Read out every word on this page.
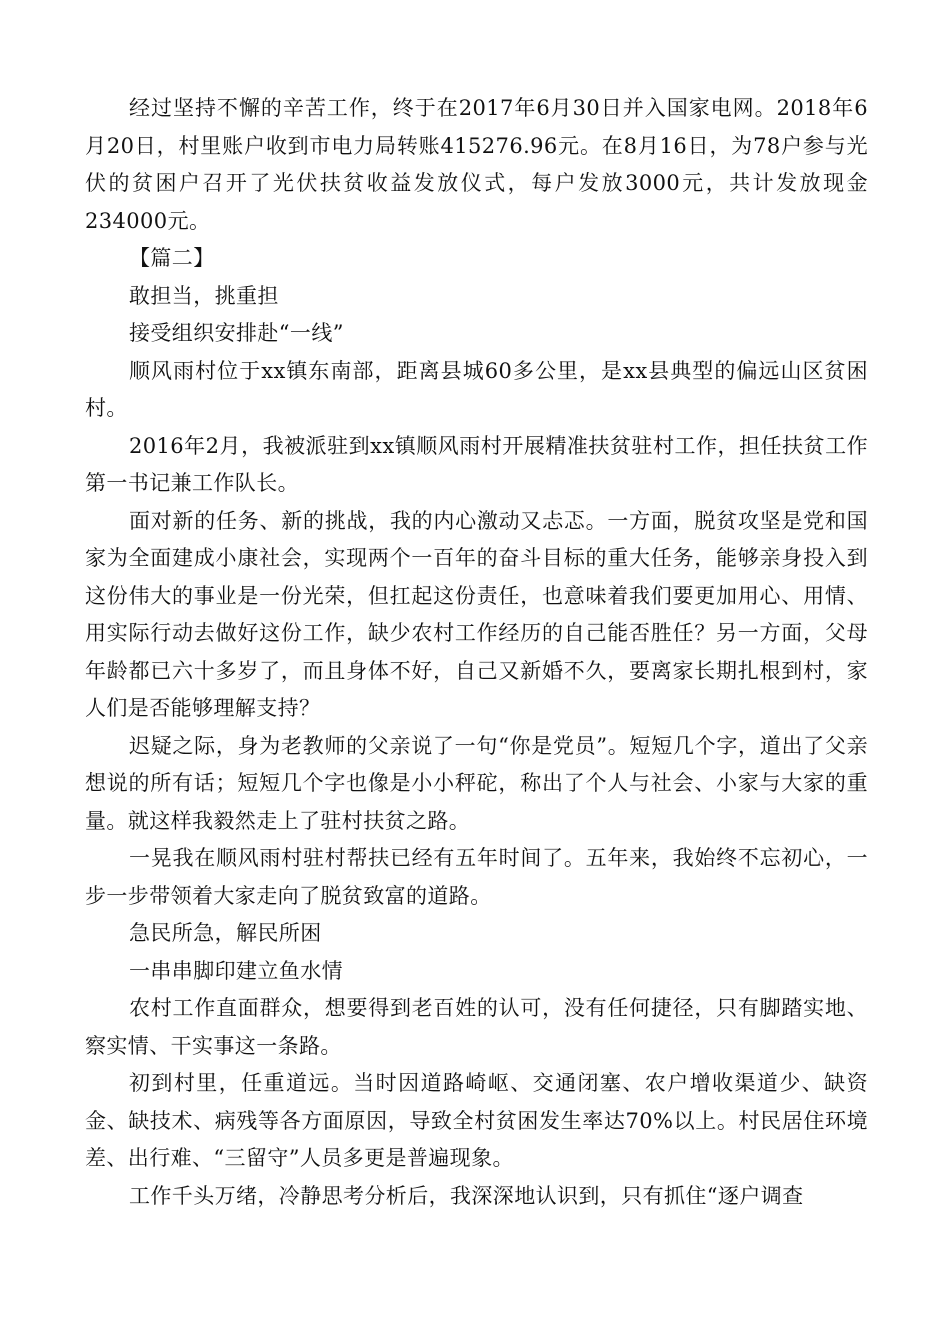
经过坚持不懈的辛苦工作，终于在2017年6月30日并入国家电网。2018年6月20日，村里账户收到市电力局转账415276.96元。在8月16日，为78户参与光伏的贫困户召开了光伏扶贫收益发放仪式，每户发放3000元，共计发放现金234000元。

【篇二】

敢担当，挑重担

接受组织安排赴“一线”

顺风雨村位于xx镇东南部，距离县城60多公里，是xx县典型的偏远山区贫困村。

2016年2月，我被派驻到xx镇顺风雨村开展精准扶贫驻村工作，担任扶贫工作第一书记兼工作队长。

面对新的任务、新的挑战，我的内心激动又忐忑。一方面，脱贫攻坚是党和国家为全面建成小康社会，实现两个一百年的奋斗目标的重大任务，能够亲身投入到这份伟大的事业是一份光荣，但扛起这份责任，也意味着我们要更加用心、用情、用实际行动去做好这份工作，缺少农村工作经历的自己能否胜任？另一方面，父母年龄都已六十多岁了，而且身体不好，自己又新婚不久，要离家长期扎根到村，家人们是否能够理解支持？

迟疑之际，身为老教师的父亲说了一句“你是党员”。短短几个字，道出了父亲想说的所有话；短短几个字也像是小小秤砣，称出了个人与社会、小家与大家的重量。就这样我毅然走上了驻村扶贫之路。

一晃我在顺风雨村驻村帮扶已经有五年时间了。五年来，我始终不忘初心，一步一步带领着大家走向了脱贫致富的道路。

急民所急，解民所困

一串串脚印建立鱼水情

农村工作直面群众，想要得到老百姓的认可，没有任何捷径，只有脚踏实地、察实情、干实事这一条路。

初到村里，任重道远。当时因道路崎岖、交通闭塞、农户增收渠道少、缺资金、缺技术、病残等各方面原因，导致全村贫困发生率达70%以上。村民居住环境差、出行难、“三留守”人员多更是普遍现象。

工作千头万绪，冷静思考分析后，我深深地认识到，只有抓住“逐户调查
